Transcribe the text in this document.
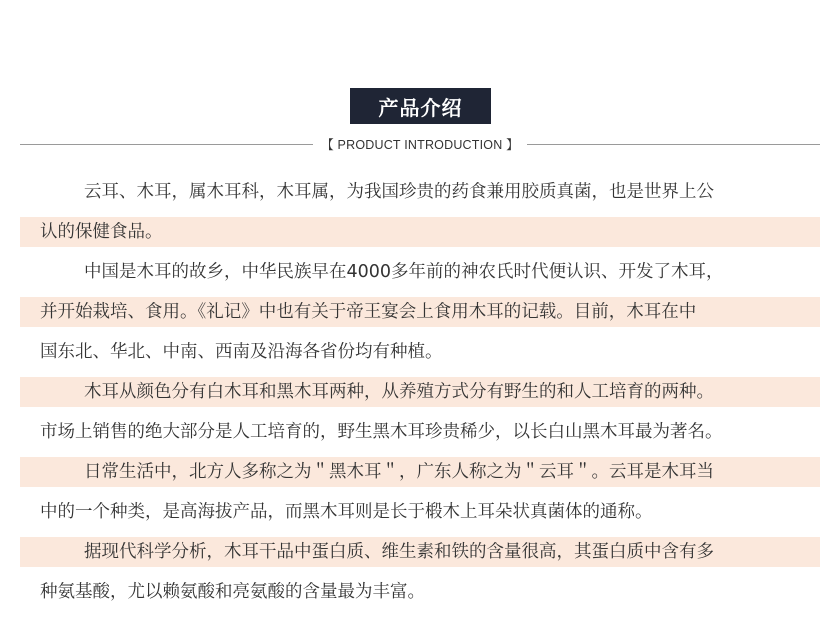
产品介绍
【 PRODUCT INTRODUCTION 】
云耳、木耳，属木耳科，木耳属，为我国珍贵的药食兼用胶质真菌，也是世界上公
认的保健食品。
中国是木耳的故乡，中华民族早在4000多年前的神农氏时代便认识、开发了木耳，
并开始栽培、食用。《礼记》中也有关于帝王宴会上食用木耳的记载。目前，木耳在中
国东北、华北、中南、西南及沿海各省份均有种植。
木耳从颜色分有白木耳和黑木耳两种，从养殖方式分有野生的和人工培育的两种。
市场上销售的绝大部分是人工培育的，野生黑木耳珍贵稀少，以长白山黑木耳最为著名。
日常生活中，北方人多称之为＂黑木耳＂，广东人称之为＂云耳＂。云耳是木耳当
中的一个种类，是高海拔产品，而黑木耳则是长于椴木上耳朵状真菌体的通称。
据现代科学分析，木耳干品中蛋白质、维生素和铁的含量很高，其蛋白质中含有多
种氨基酸，尤以赖氨酸和亮氨酸的含量最为丰富。
